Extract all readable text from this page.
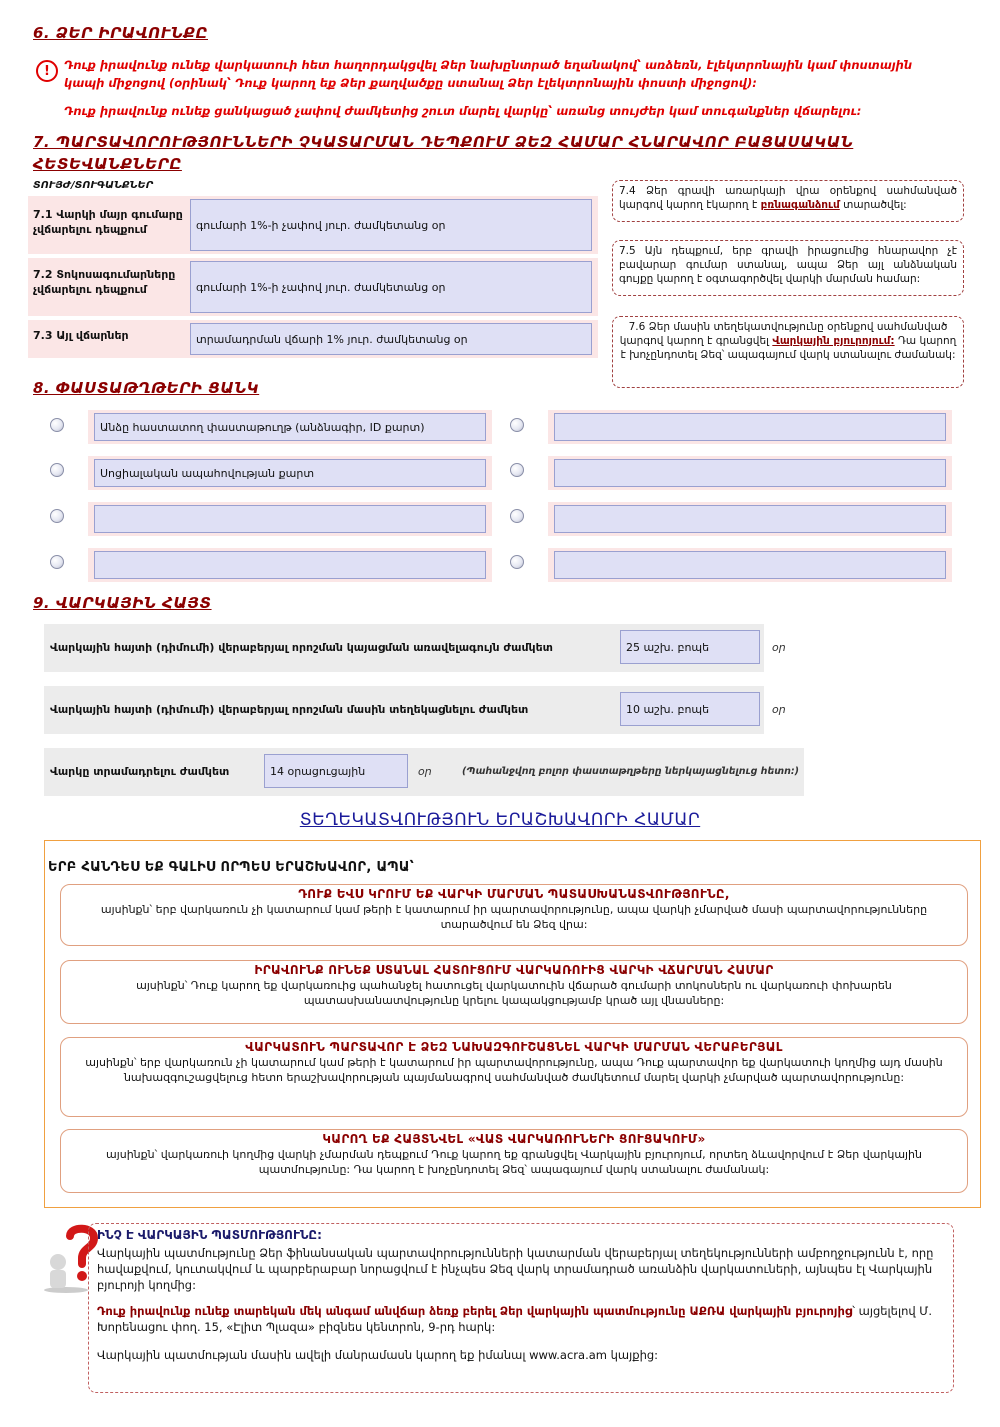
6. ՁԵՐ ԻՐԱՎՈՒՆՔԸ
!	Դուք իրավունք ունեք վարկատուի հետ հաղորդակցվել Ձեր նախընտրած եղանակով՝ առձեռն, էլեկտրոնային կամ փոստային կապի միջոցով (օրինակ՝ Դուք կարող եք Ձեր քաղվածքը ստանալ Ձեր էլեկտրոնային փոստի միջոցով):
Դուք իրավունք ունեք ցանկացած չափով ժամկետից շուտ մարել վարկը՝ առանց տույժեր կամ տուգանքներ վճարելու:
7. ՊԱՐՏԱՎՈՐՈՒԹՅՈՒՆՆԵՐԻ ՉԿԱՏԱՐՄԱՆ ԴԵՊՔՈՒՄ ՁԵԶ ՀԱՄԱՐ ՀՆԱՐԱՎՈՐ ԲԱՑԱՍԱԿԱՆ
ՀԵՏԵՎԱՆՔՆԵՐԸ
ՏՈՒՅԺ/ՏՈՒԳԱՆՔՆԵՐ
7.1 Վարկի մայր գումարը չվճարելու դեպքում	գումարի 1%-ի չափով յուր. ժամկետանց օր
7.2 Տոկոսագումարները չվճարելու դեպքում	գումարի 1%-ի չափով յուր. ժամկետանց օր
7.3 Այլ վճարներ	տրամադրման վճարի 1% յուր. ժամկետանց օր
7.4 Ձեր գրավի առարկայի վրա օրենքով սահմանված կարգով կարող էկարող է բռնագանձում տարածվել:
7.5 Այն դեպքում, երբ գրավի իրացումից հնարավոր չէ բավարար գումար ստանալ, ապա Ձեր այլ անձնական գույքը կարող է օգտագործվել վարկի մարման համար:
7.6 Ձեր մասին տեղեկատվությունը օրենքով սահմանված կարգով կարող է գրանցվել Վարկային բյուրոյում: Դա կարող է խոչընդոտել Ձեզ՝ ապագայում վարկ ստանալու ժամանակ:
8. ՓԱՍՏԱԹՂԹԵՐԻ ՑԱՆԿ
Անձը հաստատող փաստաթուղթ (անձնագիր, ID քարտ)
Սոցիալական ապահովության քարտ
9. ՎԱՐԿԱՅԻՆ ՀԱՅՏ
Վարկային հայտի (դիմումի) վերաբերյալ որոշման կայացման առավելագույն ժամկետ	25 աշխ. բոպե	օր
Վարկային հայտի (դիմումի) վերաբերյալ որոշման մասին տեղեկացնելու ժամկետ	10 աշխ. բոպե	օր
Վարկը տրամադրելու ժամկետ	14 օրացուցային	օր	(Պահանջվող բոլոր փաստաթղթերը ներկայացնելուց հետո:)
ՏԵՂԵԿԱՏՎՈՒԹՅՈՒՆ ԵՐԱՇԽԱՎՈՐԻ ՀԱՄԱՐ
ԵՐԲ ՀԱՆԴԵՍ ԵՔ ԳԱԼԻՍ ՈՐՊԵՍ ԵՐԱՇԽԱՎՈՐ, ԱՊԱ՝
ԴՈՒՔ ԵՎՍ ԿՐՈՒՄ ԵՔ ՎԱՐԿԻ ՄԱՐՄԱՆ ՊԱՏԱՍԽԱՆԱՏՎՈՒԹՅՈՒՆԸ,
այսինքն՝ երբ վարկառուն չի կատարում կամ թերի է կատարում իր պարտավորությունը, ապա վարկի չմարված մասի պարտավորությունները տարածվում են Ձեզ վրա:
ԻՐԱՎՈՒՆՔ ՈՒՆԵՔ ՍՏԱՆԱԼ ՀԱՏՈՒՑՈՒՄ ՎԱՐԿԱՌՈՒԻՑ ՎԱՐԿԻ ՎՃԱՐՄԱՆ ՀԱՄԱՐ
այսինքն՝ Դուք կարող եք վարկառուից պահանջել հատուցել վարկատուին վճարած գումարի տոկոսներն ու վարկառուի փոխարեն պատասխանատվությունը կրելու կապակցությամբ կրած այլ վնասները:
ՎԱՐԿԱՏՈՒՆ ՊԱՐՏԱՎՈՐ Է ՁԵԶ ՆԱԽԱԶԳՈՒՇԱՑՆԵԼ ՎԱՐԿԻ ՄԱՐՄԱՆ ՎԵՐԱԲԵՐՅԱԼ
այսինքն՝ երբ վարկառուն չի կատարում կամ թերի է կատարում իր պարտավորությունը, ապա Դուք պարտավոր եք վարկատուի կողմից այդ մասին նախազգուշացվելուց հետո երաշխավորության պայմանագրով սահմանված ժամկետում մարել վարկի չմարված պարտավորությունը:
ԿԱՐՈՂ ԵՔ ՀԱՅՏՆՎԵԼ «ՎԱՏ ՎԱՐԿԱՌՈՒՆԵՐԻ ՑՈՒՑԱԿՈՒՄ»
այսինքն՝ վարկառուի կողմից վարկի չմարման դեպքում Դուք կարող եք գրանցվել Վարկային բյուրոյում, որտեղ ձևավորվում է Ձեր վարկային պատմությունը: Դա կարող է խոչընդոտել Ձեզ՝ ապագայում վարկ ստանալու ժամանակ:
ԻՆՉ Է ՎԱՐԿԱՅԻՆ ՊԱՏՄՈՒԹՅՈՒՆԸ:
Վարկային պատմությունը Ձեր ֆինանսական պարտավորությունների կատարման վերաբերյալ տեղեկությունների ամբողջությունն է, որը հավաքվում, կուտակվում և պարբերաբար նորացվում է ինչպես Ձեզ վարկ տրամադրած առանձին վարկատուների, այնպես էլ Վարկային բյուրոյի կողմից:
Դուք իրավունք ունեք տարեկան մեկ անգամ անվճար ձեռք բերել Ձեր վարկային պատմությունը ԱՔՌԱ վարկային բյուրոյից՝ այցելելով Մ. Խորենացու փող. 15, «Էլիտ Պլազա» բիզնես կենտրոն, 9-րդ հարկ:
Վարկային պատմության մասին ավելի մանրամասն կարող եք իմանալ www.acra.am կայքից:
